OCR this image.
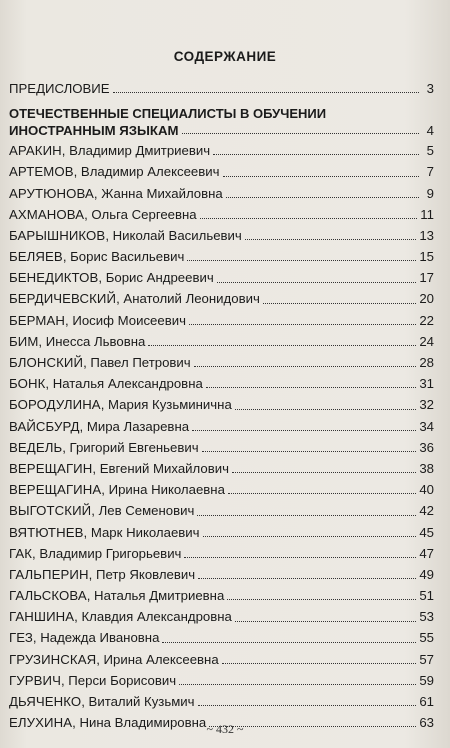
СОДЕРЖАНИЕ
ПРЕДИСЛОВИЕ	3
ОТЕЧЕСТВЕННЫЕ СПЕЦИАЛИСТЫ В ОБУЧЕНИИ
ИНОСТРАННЫМ ЯЗЫКАМ	4
АРАКИН , Владимир Дмитриевич	5
АРТЕМОВ , Владимир Алексеевич	7
АРУТЮНОВА , Жанна Михайловна	9
АХМАНОВА , Ольга Сергеевна	11
БАРЫШНИКОВ , Николай Васильевич	13
БЕЛЯЕВ , Борис Васильевич	15
БЕНЕДИКТОВ , Борис Андреевич	17
БЕРДИЧЕВСКИЙ , Анатолий Леонидович	20
БЕРМАН , Иосиф Моисеевич	22
БИМ , Инесса Львовна	24
БЛОНСКИЙ , Павел Петрович	28
БОНК , Наталья Александровна	31
БОРОДУЛИНА , Мария Кузьминична	32
ВАЙСБУРД , Мира Лазаревна	34
ВЕДЕЛЬ , Григорий Евгеньевич	36
ВЕРЕЩАГИН , Евгений Михайлович	38
ВЕРЕЩАГИНА , Ирина Николаевна	40
ВЫГОТСКИЙ , Лев Семенович	42
ВЯТЮТНЕВ , Марк Николаевич	45
ГАК , Владимир Григорьевич	47
ГАЛЬПЕРИН , Петр Яковлевич	49
ГАЛЬСКОВА , Наталья Дмитриевна	51
ГАНШИНА , Клавдия Александровна	53
ГЕЗ , Надежда Ивановна	55
ГРУЗИНСКАЯ , Ирина Алексеевна	57
ГУРВИЧ , Перси Борисович	59
ДЬЯЧЕНКО , Виталий Кузьмич	61
ЕЛУХИНА , Нина Владимировна	63
~ 432 ~
